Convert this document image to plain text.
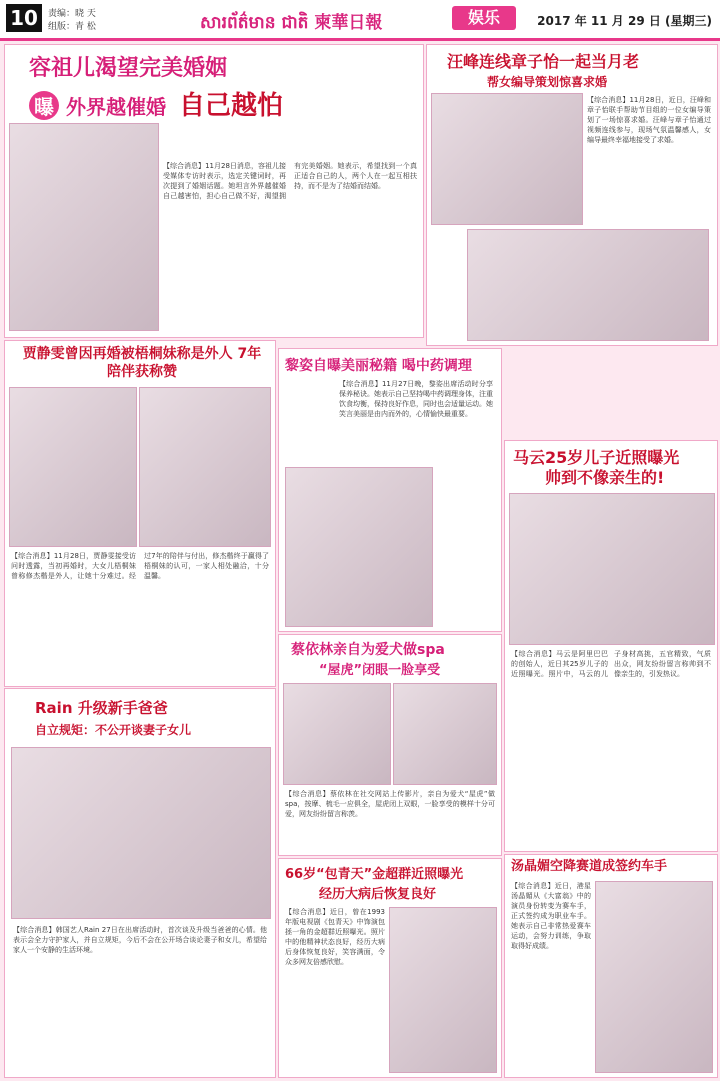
10	责编：晓 天
组版：青 松	សារព័ត៌មាន ជាតិ 柬華日報	娱乐	2017 年 11 月 29 日 (星期三)
容祖儿渴望完美婚姻
曝 外界越催婚 自己越怕
【综合消息】11月28日消息，容祖儿接受媒体专访时表示，选定关键词时，再次提到了婚姻话题。她坦言外界越催婚自己越害怕，担心自己做不好，渴望拥有完美婚姻。她表示，希望找到一个真正适合自己的人，两个人在一起互相扶持，而不是为了结婚而结婚。
汪峰连线章子怡一起当月老
帮女编导策划惊喜求婚
【综合消息】11月28日，近日，汪峰和章子怡联手帮助节目组的一位女编导策划了一场惊喜求婚。汪峰与章子怡通过视频连线参与，现场气氛温馨感人，女编导最终幸福地接受了求婚。
贾静雯曾因再婚被梧桐妹称是外人 7年陪伴获称赞
【综合消息】11月28日，贾静雯接受访问时透露，当初再婚时，大女儿梧桐妹曾称修杰楷是外人，让她十分难过。经过7年的陪伴与付出，修杰楷终于赢得了梧桐妹的认可，一家人相处融洽，十分温馨。
黎姿自曝美丽秘籍 喝中药调理
【综合消息】11月27日晚，黎姿出席活动时分享保养秘诀。她表示自己坚持喝中药调理身体，注重饮食均衡，保持良好作息，同时也会适量运动。她笑言美丽是由内而外的，心情愉快最重要。
马云25岁儿子近照曝光
帅到不像亲生的!
【综合消息】马云是阿里巴巴的创始人，近日其25岁儿子的近照曝光。照片中，马云的儿子身材高挑，五官精致，气质出众，网友纷纷留言称帅到不像亲生的，引发热议。
蔡依林亲自为爱犬做spa
“屋虎”闭眼一脸享受
【综合消息】蔡依林在社交网站上传影片，亲自为爱犬“屋虎”做spa，按摩、梳毛一应俱全，屋虎闭上双眼，一脸享受的模样十分可爱，网友纷纷留言称羡。
Rain 升级新手爸爸
自立规矩：不公开谈妻子女儿
【综合消息】韩国艺人Rain 27日在出席活动时，首次谈及升级当爸爸的心情。他表示会全力守护家人，并自立规矩，今后不会在公开场合谈论妻子和女儿，希望给家人一个安静的生活环境。
66岁“包青天”金超群近照曝光
经历大病后恢复良好
【综合消息】近日，曾在1993年版电视剧《包青天》中饰演包拯一角的金超群近照曝光。照片中的他精神状态良好，经历大病后身体恢复良好，笑容满面，令众多网友倍感欣慰。
汤晶媚空降赛道成签约车手
【综合消息】近日，港星汤晶媚从《大富翁》中的演员身份转变为赛车手，正式签约成为职业车手。她表示自己非常热爱赛车运动，会努力训练，争取取得好成绩。
